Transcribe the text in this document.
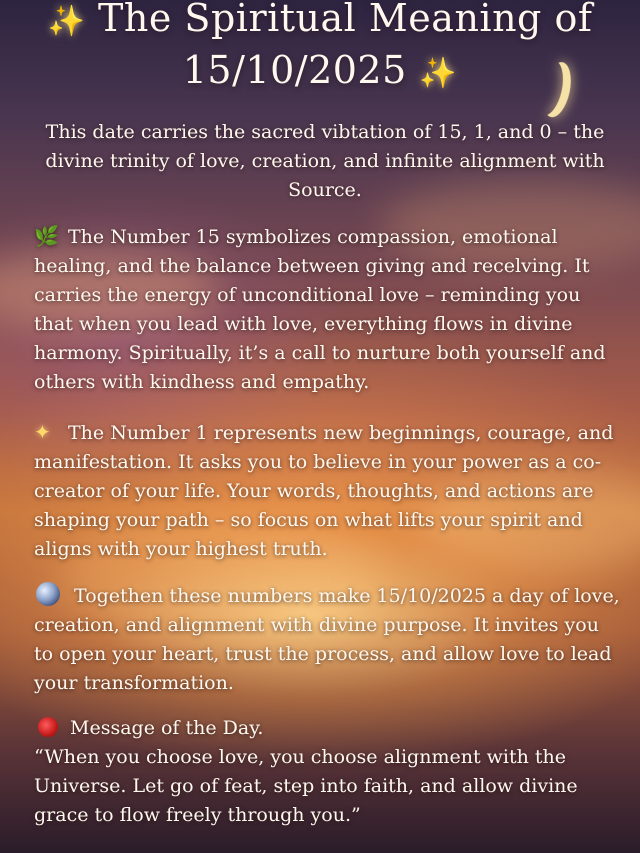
✨ The Spiritual Meaning of
15/10/2025 ✨

This date carries the sacred vibtation of 15, 1, and 0 – the divine trinity of love, creation, and infinite alignment with Source.

🌿 The Number 15 symbolizes compassion, emotional healing, and the balance between giving and recelving. It carries the energy of unconditional love – reminding you that when you lead with love, everything flows in divine harmony. Spiritually, it’s a call to nurture both yourself and others with kindhess and empathy.

✦ The Number 1 represents new beginnings, courage, and manifestation. It asks you to believe in your power as a co-creator of your life. Your words, thoughts, and actions are shaping your path – so focus on what lifts your spirit and aligns with your highest truth.

Togethen these numbers make 15/10/2025 a day of love, creation, and alignment with divine purpose. It invites you to open your heart, trust the process, and allow love to lead your transformation.

Message of the Day.
“When you choose love, you choose alignment with the Universe. Let go of feat, step into faith, and allow divine grace to flow freely through you.”
